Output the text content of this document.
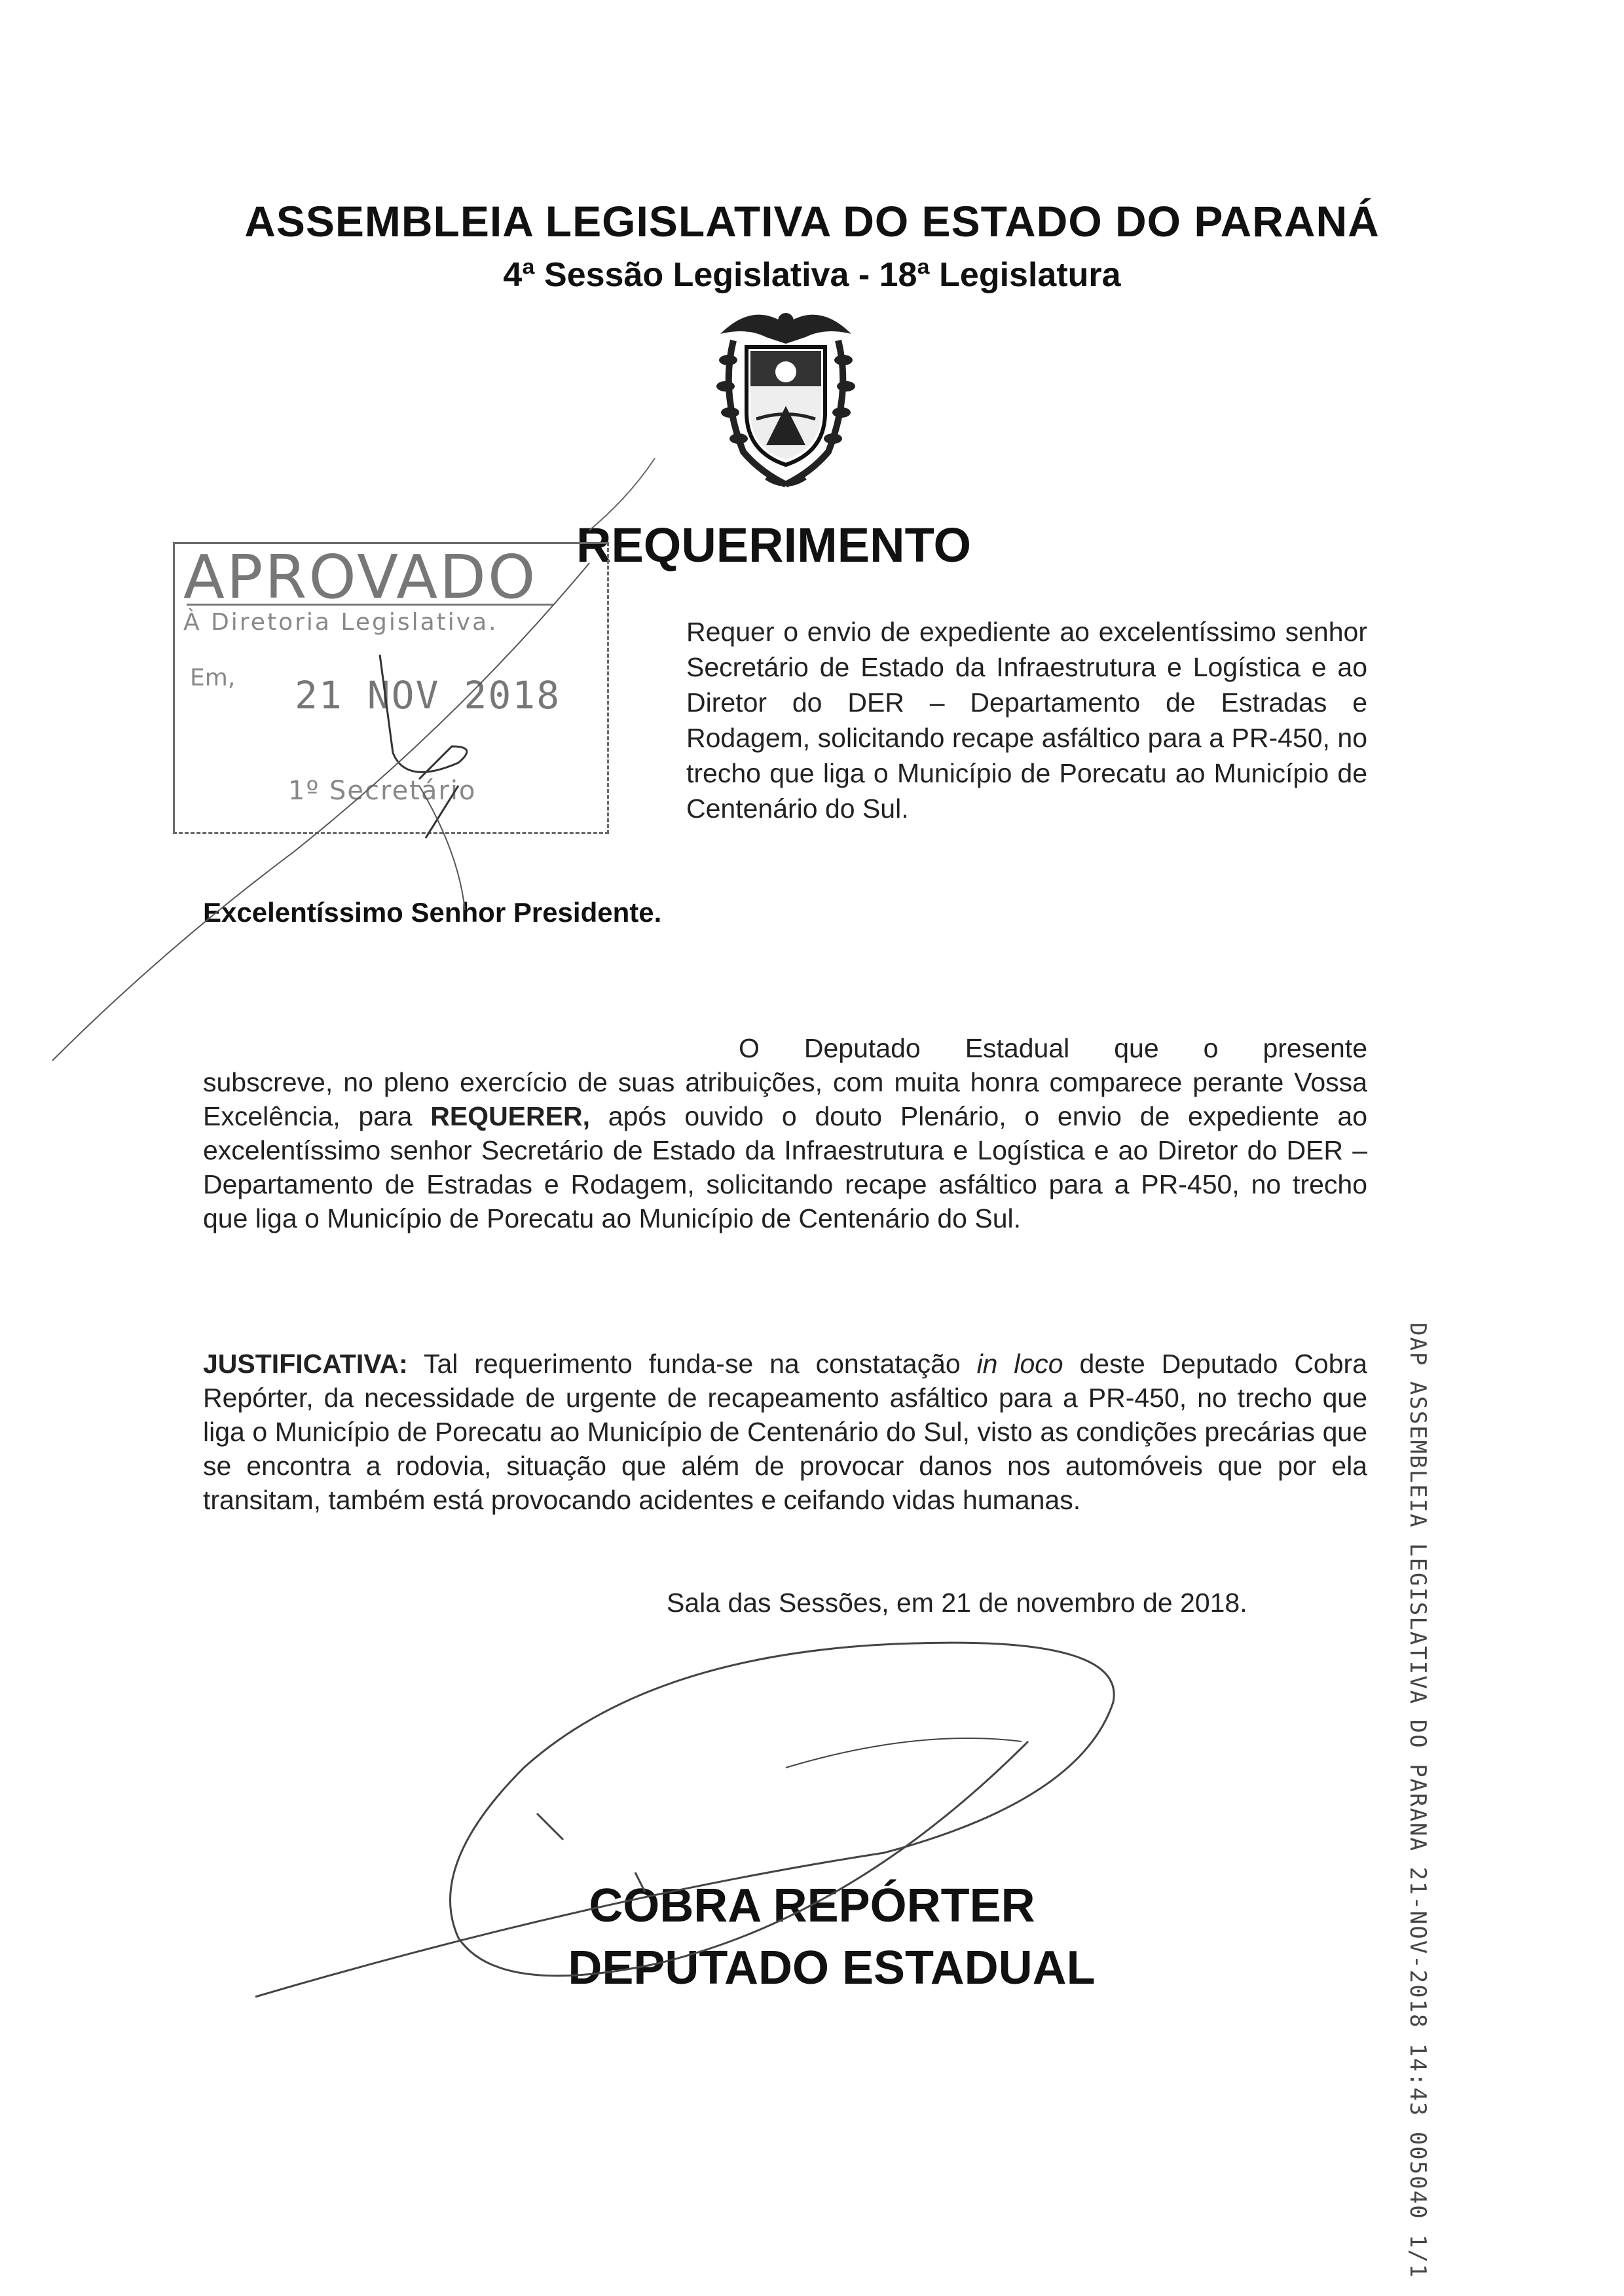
ASSEMBLEIA LEGISLATIVA DO ESTADO DO PARANÁ
4ª Sessão Legislativa - 18ª Legislatura
REQUERIMENTO
APROVADO
À Diretoria Legislativa.
Em, 21 NOV 2018
1º Secretário
Requer o envio de expediente ao excelentíssimo senhor Secretário de Estado da Infraestrutura e Logística e ao Diretor do DER – Departamento de Estradas e Rodagem, solicitando recape asfáltico para a PR-450, no trecho que liga o Município de Porecatu ao Município de Centenário do Sul.
Excelentíssimo Senhor Presidente.
O Deputado Estadual que o presente
subscreve, no pleno exercício de suas atribuições, com muita honra comparece perante Vossa Excelência, para REQUERER, após ouvido o douto Plenário, o envio de expediente ao excelentíssimo senhor Secretário de Estado da Infraestrutura e Logística e ao Diretor do DER – Departamento de Estradas e Rodagem, solicitando recape asfáltico para a PR-450, no trecho que liga o Município de Porecatu ao Município de Centenário do Sul.
JUSTIFICATIVA: Tal requerimento funda-se na constatação in loco deste Deputado Cobra Repórter, da necessidade de urgente de recapeamento asfáltico para a PR-450, no trecho que liga o Município de Porecatu ao Município de Centenário do Sul, visto as condições precárias que se encontra a rodovia, situação que além de provocar danos nos automóveis que por ela transitam, também está provocando acidentes e ceifando vidas humanas.
Sala das Sessões, em 21 de novembro de 2018.
COBRA REPÓRTER
DEPUTADO ESTADUAL	DAP ASSEMBLEIA LEGISLATIVA DO PARANA 21-NOV-2018 14:43 005040 1/1
